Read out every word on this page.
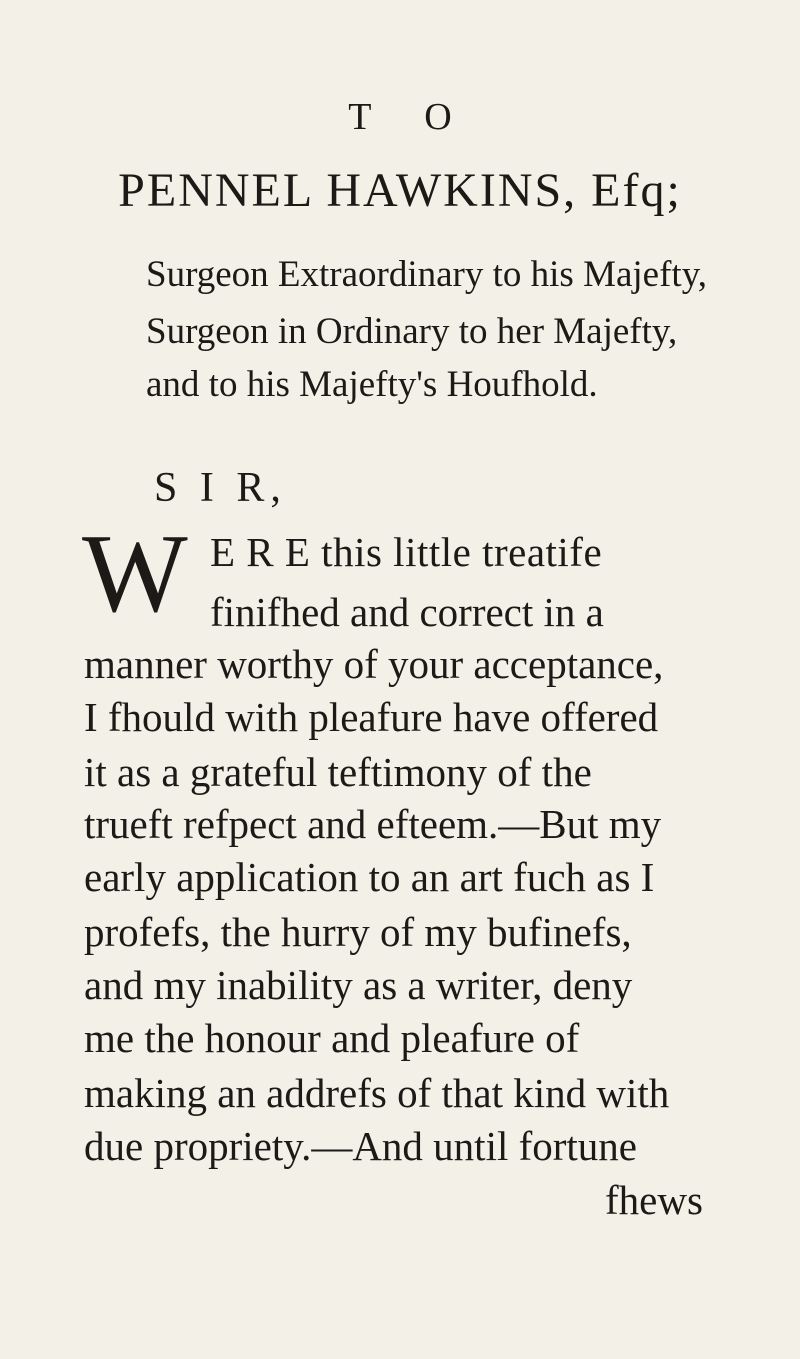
T O
PENNEL HAWKINS, Efq;
Surgeon Extraordinary to his Majefty,
Surgeon in Ordinary to her Majefty,
and to his Majefty's Houfhold.
S I R,
W E R E this little treatife
finifhed and correct in a
manner worthy of your acceptance,
I fhould with pleafure have offered
it as a grateful teftimony of the
trueft refpect and efteem.—But my
early application to an art fuch as I
profefs, the hurry of my bufinefs,
and my inability as a writer, deny
me the honour and pleafure of
making an addrefs of that kind with
due propriety.—And until fortune
fhews
